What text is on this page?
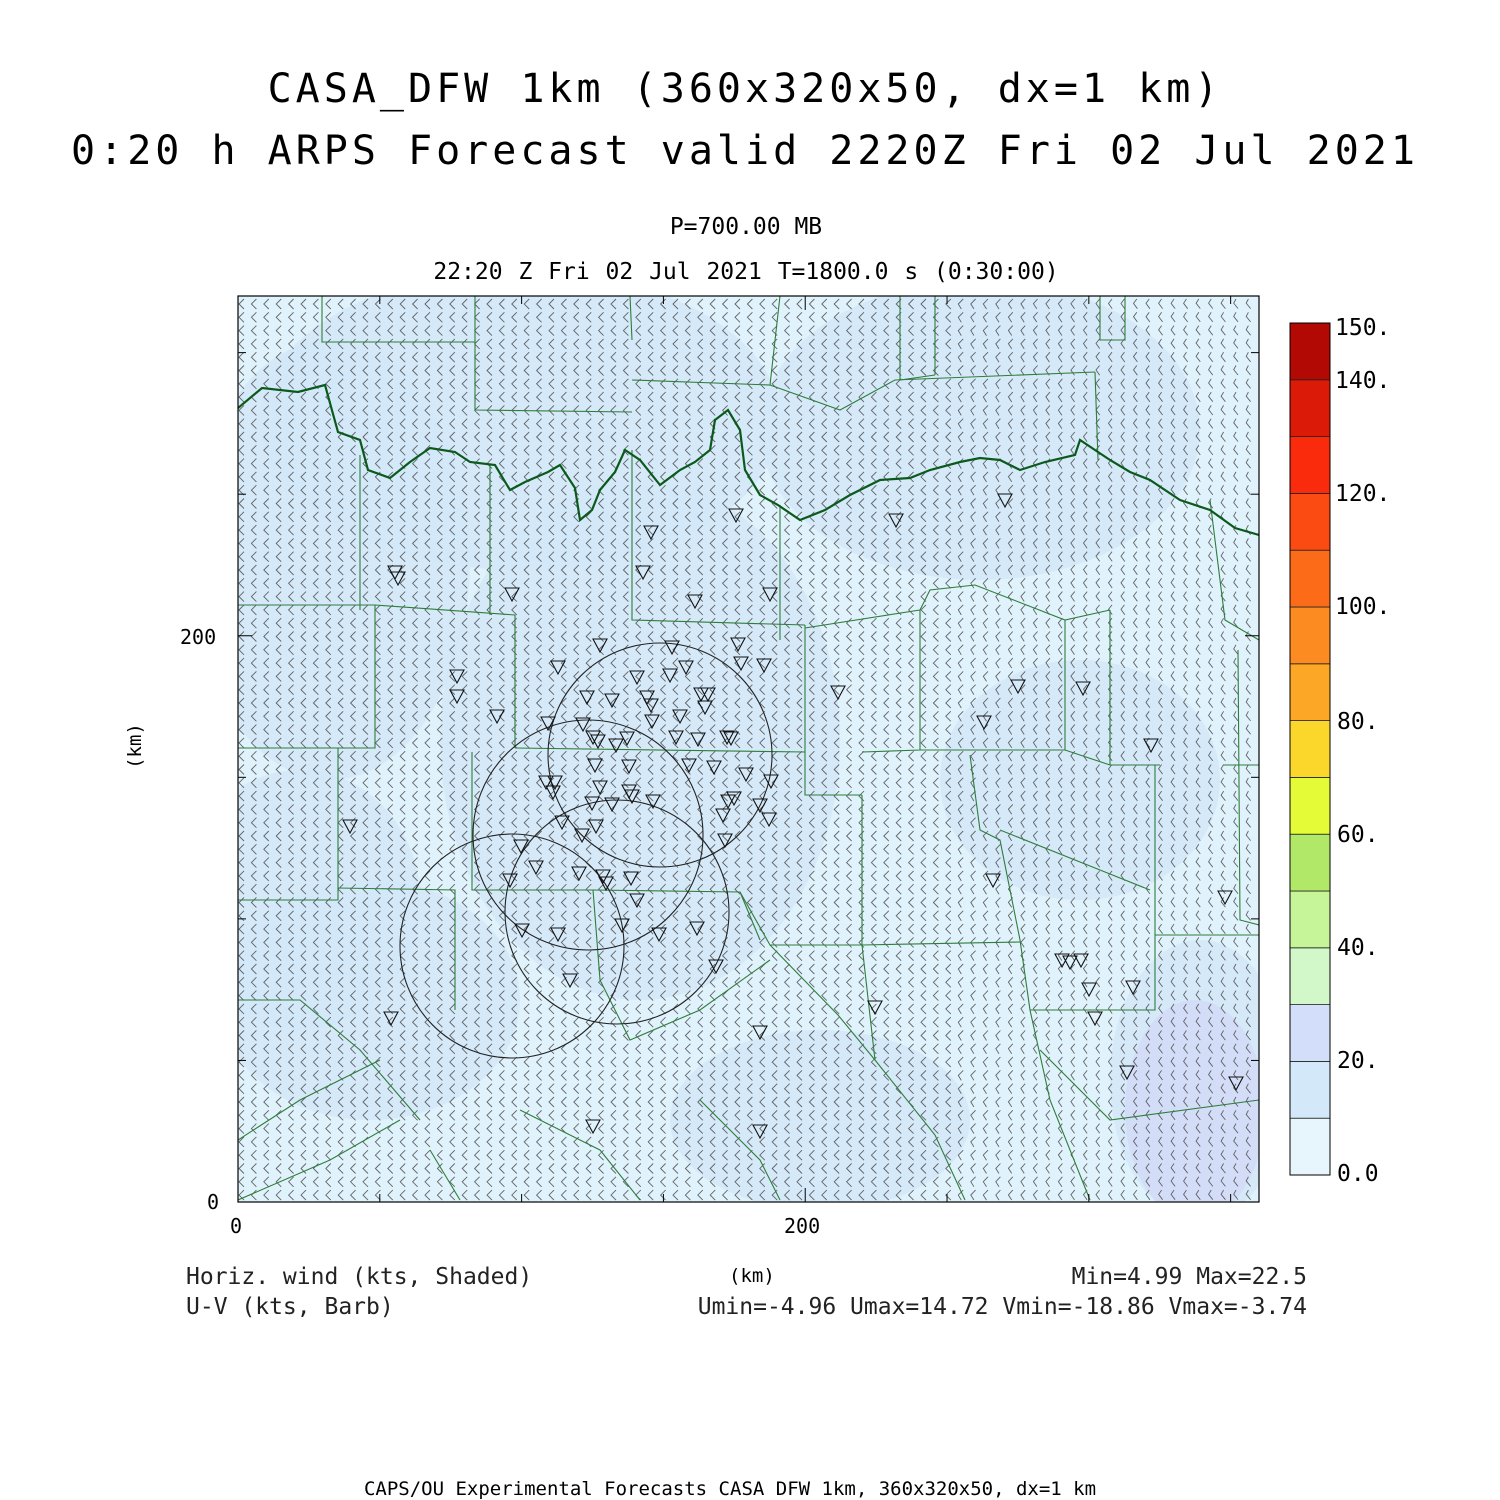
CASA_DFW 1km (360x320x50, dx=1 km)
0:20 h ARPS Forecast valid 2220Z Fri 02 Jul 2021
P=700.00 MB
22:20 Z Fri 02 Jul 2021 T=1800.0 s (0:30:00)
0	200
0
200
(km)
(km)
0.0
20.
40.
60.
80.
100.
120.
140.
150.
Horiz. wind (kts, Shaded)
U-V (kts, Barb)
Min=4.99 Max=22.5
Umin=-4.96 Umax=14.72 Vmin=-18.86 Vmax=-3.74
CAPS/OU Experimental Forecasts CASA DFW 1km, 360x320x50, dx=1 km
